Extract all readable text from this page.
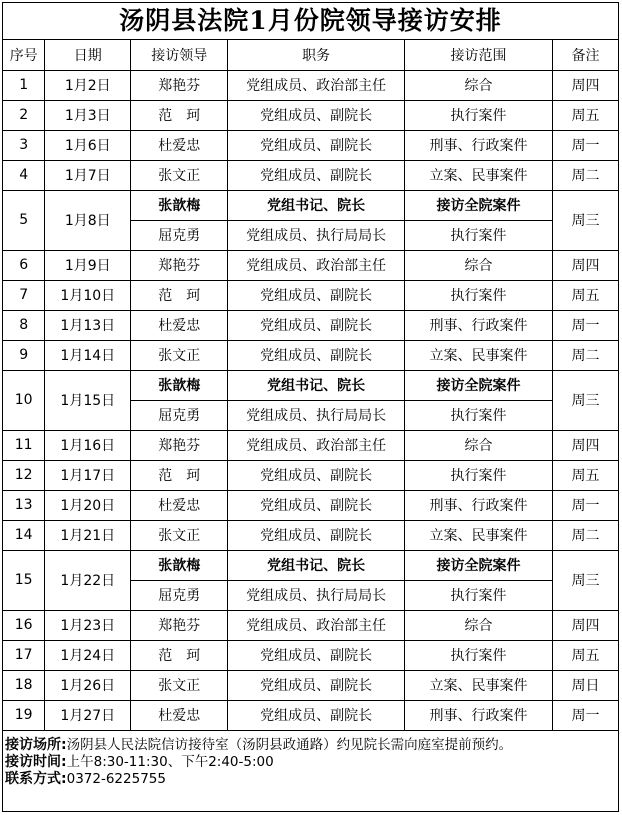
汤阴县法院1月份院领导接访安排
序号	日期	接访领导	职务	接访范围	备注
1	1月2日	郑艳芬	党组成员、政治部主任	综合	周四
2	1月3日	范　珂	党组成员、副院长	执行案件	周五
3	1月6日	杜爱忠	党组成员、副院长	刑事、行政案件	周一
4	1月7日	张文正	党组成员、副院长	立案、民事案件	周二
5	1月8日	张歆梅	党组书记、院长	接访全院案件	周三
		屈克勇	党组成员、执行局局长	执行案件	
6	1月9日	郑艳芬	党组成员、政治部主任	综合	周四
7	1月10日	范　珂	党组成员、副院长	执行案件	周五
8	1月13日	杜爱忠	党组成员、副院长	刑事、行政案件	周一
9	1月14日	张文正	党组成员、副院长	立案、民事案件	周二
10	1月15日	张歆梅	党组书记、院长	接访全院案件	周三
		屈克勇	党组成员、执行局局长	执行案件	
11	1月16日	郑艳芬	党组成员、政治部主任	综合	周四
12	1月17日	范　珂	党组成员、副院长	执行案件	周五
13	1月20日	杜爱忠	党组成员、副院长	刑事、行政案件	周一
14	1月21日	张文正	党组成员、副院长	立案、民事案件	周二
15	1月22日	张歆梅	党组书记、院长	接访全院案件	周三
		屈克勇	党组成员、执行局局长	执行案件	
16	1月23日	郑艳芬	党组成员、政治部主任	综合	周四
17	1月24日	范　珂	党组成员、副院长	执行案件	周五
18	1月26日	张文正	党组成员、副院长	立案、民事案件	周日
19	1月27日	杜爱忠	党组成员、副院长	刑事、行政案件	周一
接访场所:汤阴县人民法院信访接待室（汤阴县政通路）约见院长需向庭室提前预约。
接访时间:上午8:30-11:30、下午2:40-5:00
联系方式:0372-6225755
